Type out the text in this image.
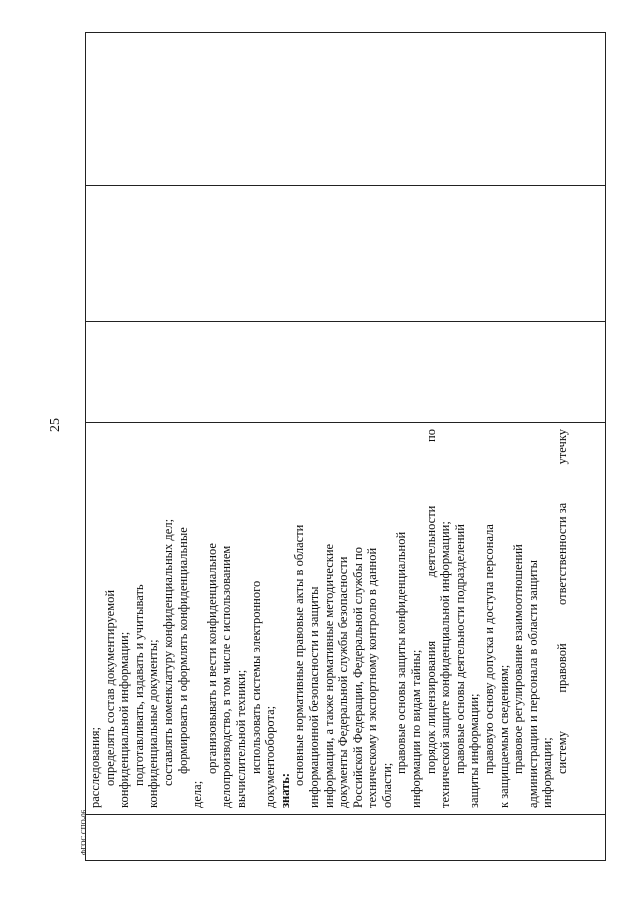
25
ФГОС СПО-06
расследования; определять состав документируемой конфиденциальной информации; подготавливать, издавать и учитывать конфиденциальные документы; составлять номенклатуру конфиденциальных дел; формировать и оформлять конфиденциальные
дела;
организовывать и вести конфиденциальное делопроизводство, в том числе с использованием вычислительной техники; использовать системы электронного документооборота; знать:
основные нормативные правовые акты в области информационной безопасности и защиты информации, а также нормативные методические документы Федеральной службы безопасности Российской Федерации, Федеральной службы по техническому и экспортному контролю в данной области;
правовые основы защиты конфиденциальной информации по видам тайны; порядок лицензирования
деятельности
по
технической защите конфиденциальной информации; правовые основы деятельности подразделений защиты информации; правовую основу допуска и доступа персонала к защищаемым сведениям; правовое регулирование взаимоотношений администрации и персонала в области защиты информации; систему
правовой
ответственности за
утечку
